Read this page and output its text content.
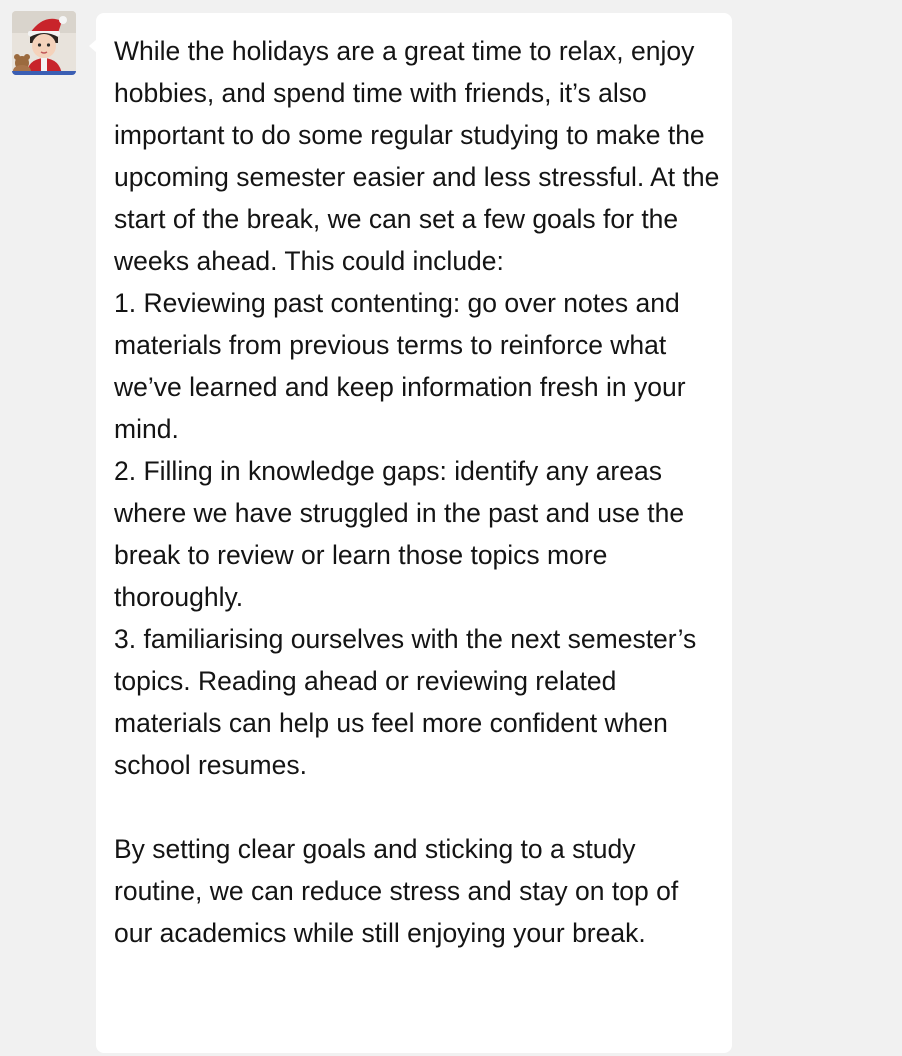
While the holidays are a great time to relax, enjoy hobbies, and spend time with friends, it’s also important to do some regular studying to make the upcoming semester easier and less stressful. At the start of the break, we can set a few goals for the weeks ahead. This could include:
1. Reviewing past contenting: go over notes and materials from previous terms to reinforce what we’ve learned and keep information fresh in your mind.
2. Filling in knowledge gaps: identify any areas where we have struggled in the past and use the break to review or learn those topics more thoroughly.
3. familiarising ourselves with the next semester’s topics. Reading ahead or reviewing related materials can help us feel more confident when school resumes.

By setting clear goals and sticking to a study routine, we can reduce stress and stay on top of our academics while still enjoying your break.
